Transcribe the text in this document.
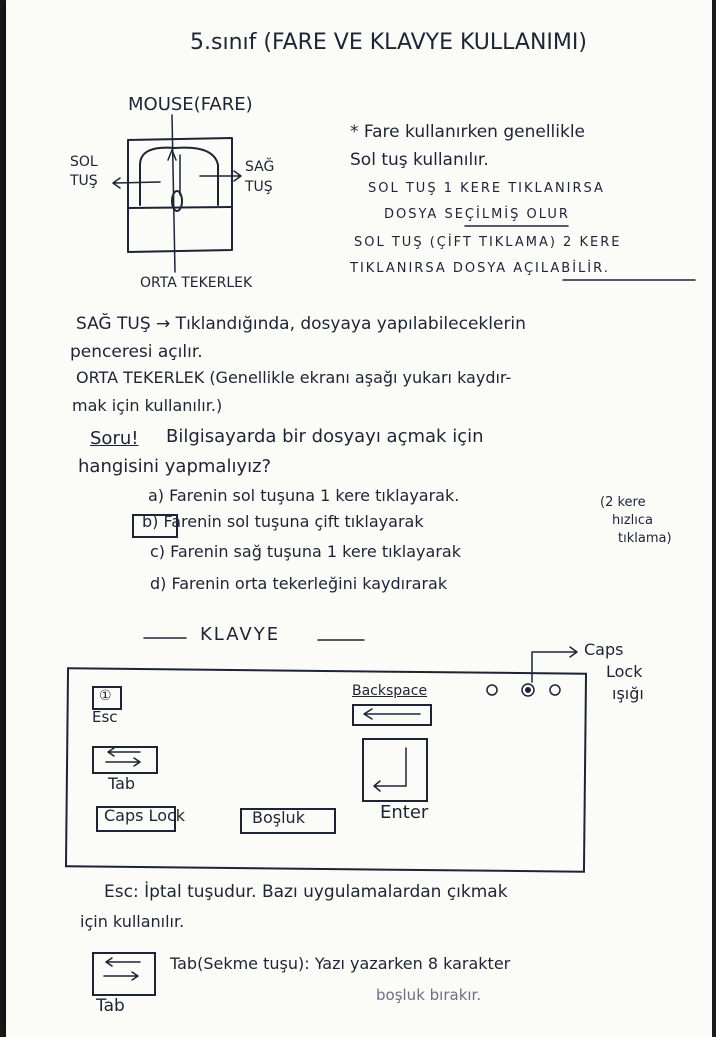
5.sınıf (FARE VE KLAVYE KULLANIMI)
MOUSE(FARE)
SOL
TUŞ
SAĞ
TUŞ
ORTA TEKERLEK
* Fare kullanırken genellikle
Sol tuş kullanılır.
SOL TUŞ 1 KERE TIKLANIRSA
DOSYA SEÇİLMİŞ OLUR
SOL TUŞ (ÇİFT TIKLAMA) 2 KERE
TIKLANIRSA DOSYA AÇILABİLİR.
SAĞ TUŞ → Tıklandığında, dosyaya yapılabileceklerin
penceresi açılır.
ORTA TEKERLEK (Genellikle ekranı aşağı yukarı kaydır-
mak için kullanılır.)
Soru! Bilgisayarda bir dosyayı açmak için
hangisini yapmalıyız?
a) Farenin sol tuşuna 1 kere tıklayarak.
b) Farenin sol tuşuna çift tıklayarak
c) Farenin sağ tuşuna 1 kere tıklayarak
d) Farenin orta tekerleğini kaydırarak
(2 kere
hızlıca
tıklama)
KLAVYE
①
Esc
Tab
Caps Lock	Boşluk
Backspace
Enter
Caps
Lock
ışığı
Esc: İptal tuşudur. Bazı uygulamalardan çıkmak
için kullanılır.
Tab
Tab(Sekme tuşu): Yazı yazarken 8 karakter
boşluk bırakır.
